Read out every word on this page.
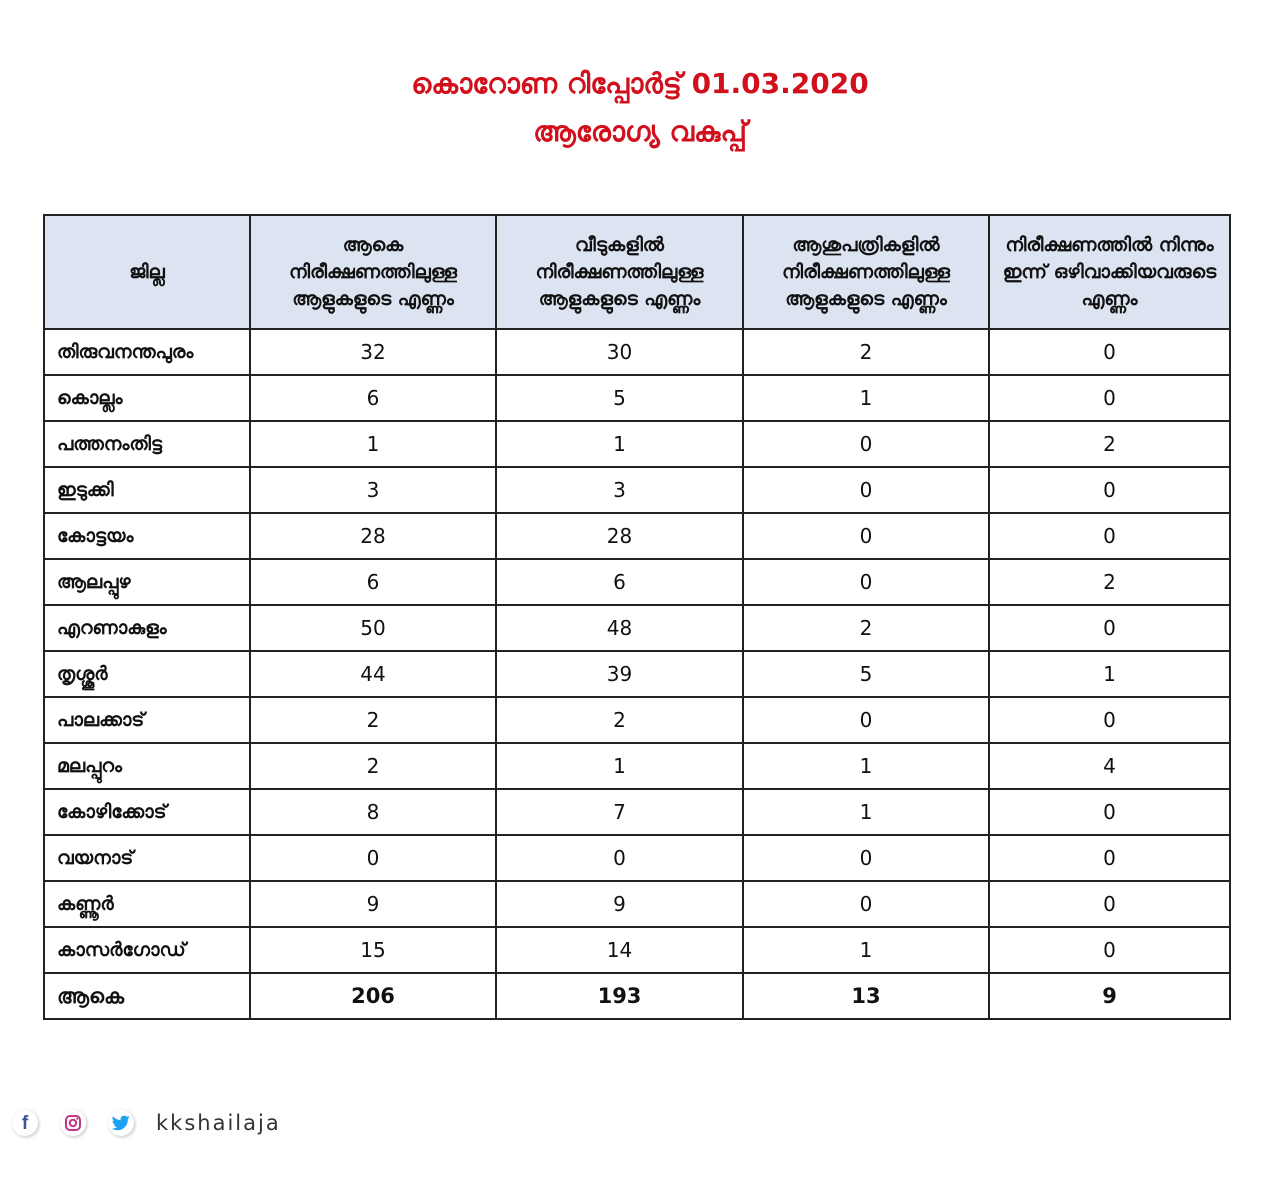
കൊറോണ റിപ്പോർട്ട് 01.03.2020
ആരോഗ്യ വകുപ്പ്
ജില്ല	ആകെ നിരീക്ഷണത്തിലുള്ള ആളുകളുടെ എണ്ണം	വീടുകളിൽ നിരീക്ഷണത്തിലുള്ള ആളുകളുടെ എണ്ണം	ആശുപത്രികളിൽ നിരീക്ഷണത്തിലുള്ള ആളുകളുടെ എണ്ണം	നിരീക്ഷണത്തിൽ നിന്നും ഇന്ന് ഒഴിവാക്കിയവരുടെ എണ്ണം
തിരുവനന്തപുരം	32	30	2	0
കൊല്ലം	6	5	1	0
പത്തനംതിട്ട	1	1	0	2
ഇടുക്കി	3	3	0	0
കോട്ടയം	28	28	0	0
ആലപ്പുഴ	6	6	0	2
എറണാകുളം	50	48	2	0
തൃശ്ശൂർ	44	39	5	1
പാലക്കാട്	2	2	0	0
മലപ്പുറം	2	1	1	4
കോഴിക്കോട്	8	7	1	0
വയനാട്	0	0	0	0
കണ്ണൂർ	9	9	0	0
കാസർഗോഡ്	15	14	1	0
ആകെ	206	193	13	9
f	kkshailaja
